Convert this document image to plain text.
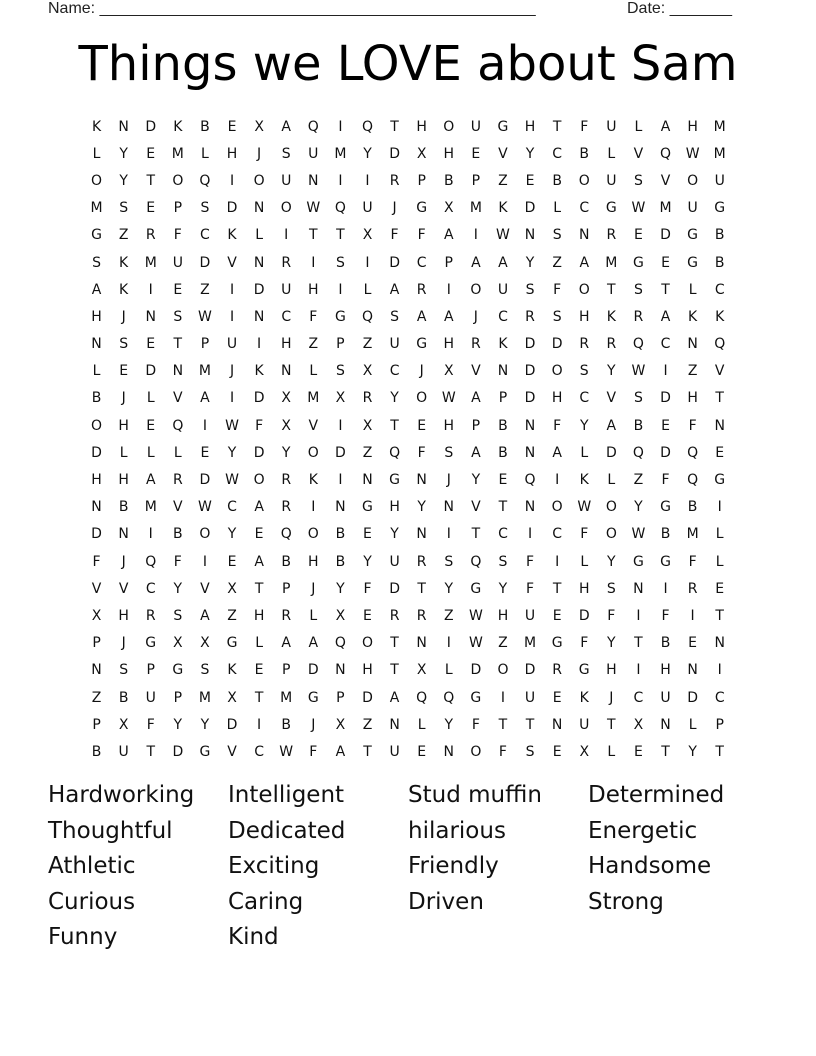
Name: _________________________________________________	Date: _______
Things we LOVE about Sam
K	N	D	K	B	E	X	A	Q	I	Q	T	H	O	U	G	H	T	F	U	L	A	H	M
L	Y	E	M	L	H	J	S	U	M	Y	D	X	H	E	V	Y	C	B	L	V	Q	W	M
O	Y	T	O	Q	I	O	U	N	I	I	R	P	B	P	Z	E	B	O	U	S	V	O	U
M	S	E	P	S	D	N	O	W	Q	U	J	G	X	M	K	D	L	C	G	W	M	U	G
G	Z	R	F	C	K	L	I	T	T	X	F	F	A	I	W	N	S	N	R	E	D	G	B
S	K	M	U	D	V	N	R	I	S	I	D	C	P	A	A	Y	Z	A	M	G	E	G	B
A	K	I	E	Z	I	D	U	H	I	L	A	R	I	O	U	S	F	O	T	S	T	L	C
H	J	N	S	W	I	N	C	F	G	Q	S	A	A	J	C	R	S	H	K	R	A	K	K
N	S	E	T	P	U	I	H	Z	P	Z	U	G	H	R	K	D	D	R	R	Q	C	N	Q
L	E	D	N	M	J	K	N	L	S	X	C	J	X	V	N	D	O	S	Y	W	I	Z	V
B	J	L	V	A	I	D	X	M	X	R	Y	O	W	A	P	D	H	C	V	S	D	H	T
O	H	E	Q	I	W	F	X	V	I	X	T	E	H	P	B	N	F	Y	A	B	E	F	N
D	L	L	L	E	Y	D	Y	O	D	Z	Q	F	S	A	B	N	A	L	D	Q	D	Q	E
H	H	A	R	D	W	O	R	K	I	N	G	N	J	Y	E	Q	I	K	L	Z	F	Q	G
N	B	M	V	W	C	A	R	I	N	G	H	Y	N	V	T	N	O	W	O	Y	G	B	I
D	N	I	B	O	Y	E	Q	O	B	E	Y	N	I	T	C	I	C	F	O	W	B	M	L
F	J	Q	F	I	E	A	B	H	B	Y	U	R	S	Q	S	F	I	L	Y	G	G	F	L
V	V	C	Y	V	X	T	P	J	Y	F	D	T	Y	G	Y	F	T	H	S	N	I	R	E
X	H	R	S	A	Z	H	R	L	X	E	R	R	Z	W	H	U	E	D	F	I	F	I	T
P	J	G	X	X	G	L	A	A	Q	O	T	N	I	W	Z	M	G	F	Y	T	B	E	N
N	S	P	G	S	K	E	P	D	N	H	T	X	L	D	O	D	R	G	H	I	H	N	I
Z	B	U	P	M	X	T	M	G	P	D	A	Q	Q	G	I	U	E	K	J	C	U	D	C
P	X	F	Y	Y	D	I	B	J	X	Z	N	L	Y	F	T	T	N	U	T	X	N	L	P
B	U	T	D	G	V	C	W	F	A	T	U	E	N	O	F	S	E	X	L	E	T	Y	T
Hardworking	Intelligent	Stud muffin	Determined
Thoughtful	Dedicated	hilarious	Energetic
Athletic	Exciting	Friendly	Handsome
Curious	Caring	Driven	Strong
Funny	Kind
